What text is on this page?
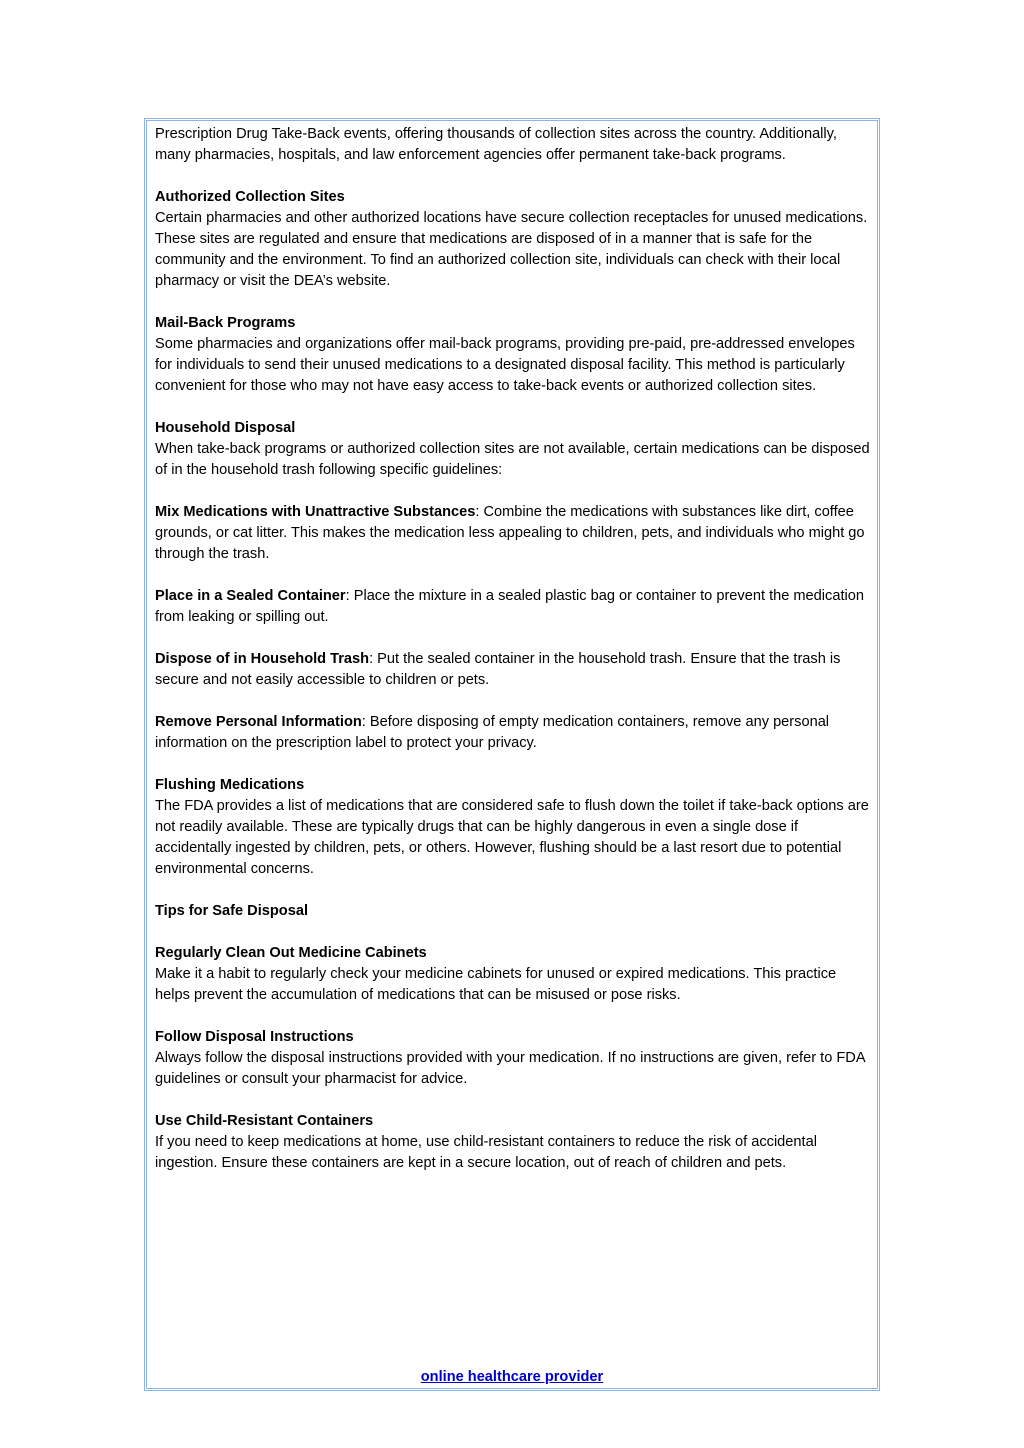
Prescription Drug Take-Back events, offering thousands of collection sites across the country. Additionally, many pharmacies, hospitals, and law enforcement agencies offer permanent take-back programs.

Authorized Collection Sites

Certain pharmacies and other authorized locations have secure collection receptacles for unused medications. These sites are regulated and ensure that medications are disposed of in a manner that is safe for the community and the environment. To find an authorized collection site, individuals can check with their local pharmacy or visit the DEA’s website.

Mail-Back Programs

Some pharmacies and organizations offer mail-back programs, providing pre-paid, pre-addressed envelopes for individuals to send their unused medications to a designated disposal facility. This method is particularly convenient for those who may not have easy access to take-back events or authorized collection sites.

Household Disposal

When take-back programs or authorized collection sites are not available, certain medications can be disposed of in the household trash following specific guidelines:

Mix Medications with Unattractive Substances: Combine the medications with substances like dirt, coffee grounds, or cat litter. This makes the medication less appealing to children, pets, and individuals who might go through the trash.

Place in a Sealed Container: Place the mixture in a sealed plastic bag or container to prevent the medication from leaking or spilling out.

Dispose of in Household Trash: Put the sealed container in the household trash. Ensure that the trash is secure and not easily accessible to children or pets.

Remove Personal Information: Before disposing of empty medication containers, remove any personal information on the prescription label to protect your privacy.

Flushing Medications

The FDA provides a list of medications that are considered safe to flush down the toilet if take-back options are not readily available. These are typically drugs that can be highly dangerous in even a single dose if accidentally ingested by children, pets, or others. However, flushing should be a last resort due to potential environmental concerns.

Tips for Safe Disposal
Regularly Clean Out Medicine Cabinets

Make it a habit to regularly check your medicine cabinets for unused or expired medications. This practice helps prevent the accumulation of medications that can be misused or pose risks.

Follow Disposal Instructions

Always follow the disposal instructions provided with your medication. If no instructions are given, refer to FDA guidelines or consult your pharmacist for advice.

Use Child-Resistant Containers

If you need to keep medications at home, use child-resistant containers to reduce the risk of accidental ingestion. Ensure these containers are kept in a secure location, out of reach of children and pets.

online healthcare provider
